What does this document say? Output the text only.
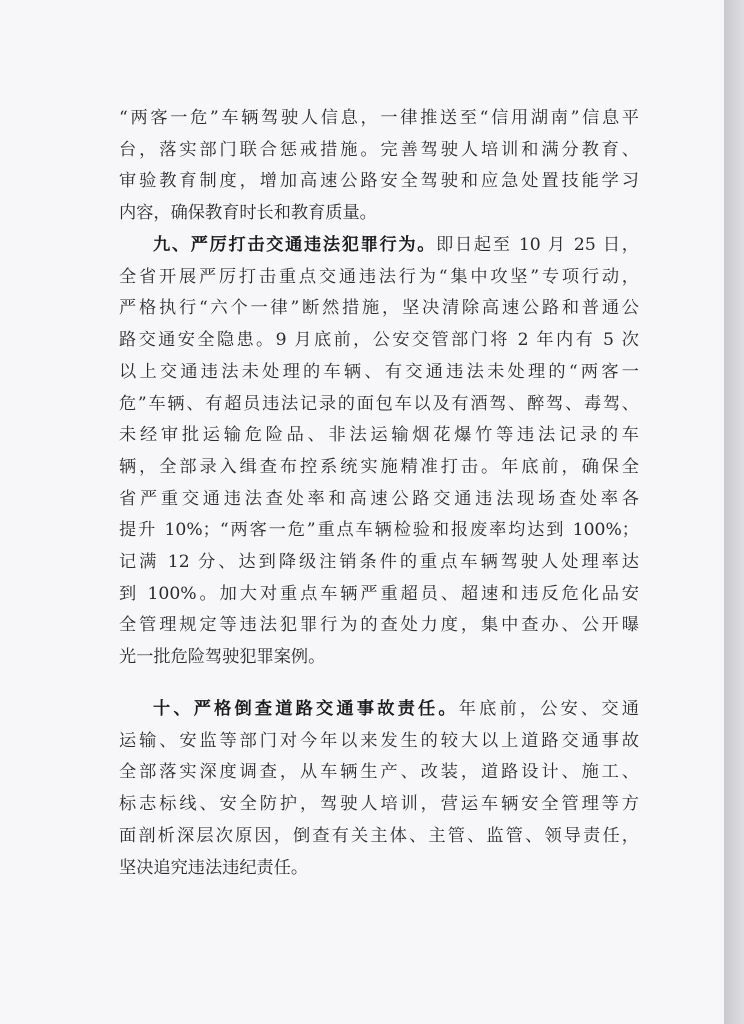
“两客一危”车辆驾驶人信息，一律推送至“信用湖南”信息平
台，落实部门联合惩戒措施。完善驾驶人培训和满分教育、
审验教育制度，增加高速公路安全驾驶和应急处置技能学习
内容，确保教育时长和教育质量。
九、严厉打击交通违法犯罪行为。即日起至 10 月 25 日，
全省开展严厉打击重点交通违法行为“集中攻坚”专项行动，
严格执行“六个一律”断然措施，坚决清除高速公路和普通公
路交通安全隐患。9 月底前，公安交管部门将 2 年内有 5 次
以上交通违法未处理的车辆、有交通违法未处理的“两客一
危”车辆、有超员违法记录的面包车以及有酒驾、醉驾、毒驾、
未经审批运输危险品、非法运输烟花爆竹等违法记录的车
辆，全部录入缉查布控系统实施精准打击。年底前，确保全
省严重交通违法查处率和高速公路交通违法现场查处率各
提升 10%；“两客一危”重点车辆检验和报废率均达到 100%；
记满 12 分、达到降级注销条件的重点车辆驾驶人处理率达
到 100%。加大对重点车辆严重超员、超速和违反危化品安
全管理规定等违法犯罪行为的查处力度，集中查办、公开曝
光一批危险驾驶犯罪案例。
十、严格倒查道路交通事故责任。年底前，公安、交通
运输、安监等部门对今年以来发生的较大以上道路交通事故
全部落实深度调查，从车辆生产、改装，道路设计、施工、
标志标线、安全防护，驾驶人培训，营运车辆安全管理等方
面剖析深层次原因，倒查有关主体、主管、监管、领导责任，
坚决追究违法违纪责任。
